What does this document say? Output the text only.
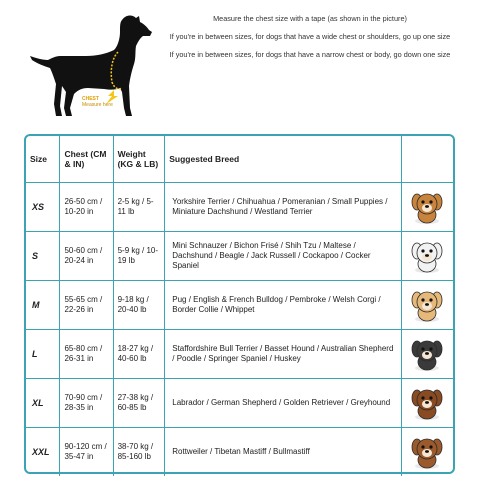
CHEST
Measure here

Measure the chest size with a tape (as shown in the picture)

If you're in between sizes, for dogs that have a wide chest or shoulders, go up one size

If you're in between sizes, for dogs that have a narrow chest or body, go down one size

Size	Chest (CM & IN)	Weight (KG & LB)	Suggested Breed	
XS	26-50 cm / 10-20 in	2-5 kg / 5-11 lb	Yorkshire Terrier / Chihuahua / Pomeranian / Small Puppies / Miniature Dachshund / Westland Terrier	

S	50-60 cm / 20-24 in	5-9 kg / 10-19 lb	Mini Schnauzer / Bichon Frisé / Shih Tzu / Maltese / Dachshund / Beagle / Jack Russell / Cockapoo / Cocker Spaniel	

M	55-65 cm / 22-26 in	9-18 kg / 20-40 lb	Pug / English & French Bulldog / Pembroke / Welsh Corgi / Border Collie / Whippet	

L	65-80 cm / 26-31 in	18-27 kg / 40-60 lb	Staffordshire Bull Terrier / Basset Hound / Australian Shepherd / Poodle / Springer Spaniel / Huskey	

XL	70-90 cm / 28-35 in	27-38 kg / 60-85 lb	Labrador / German Shepherd / Golden Retriever / Greyhound	

XXL	90-120 cm / 35-47 in	38-70 kg / 85-160 lb	Rottweiler / Tibetan Mastiff / Bullmastiff	
